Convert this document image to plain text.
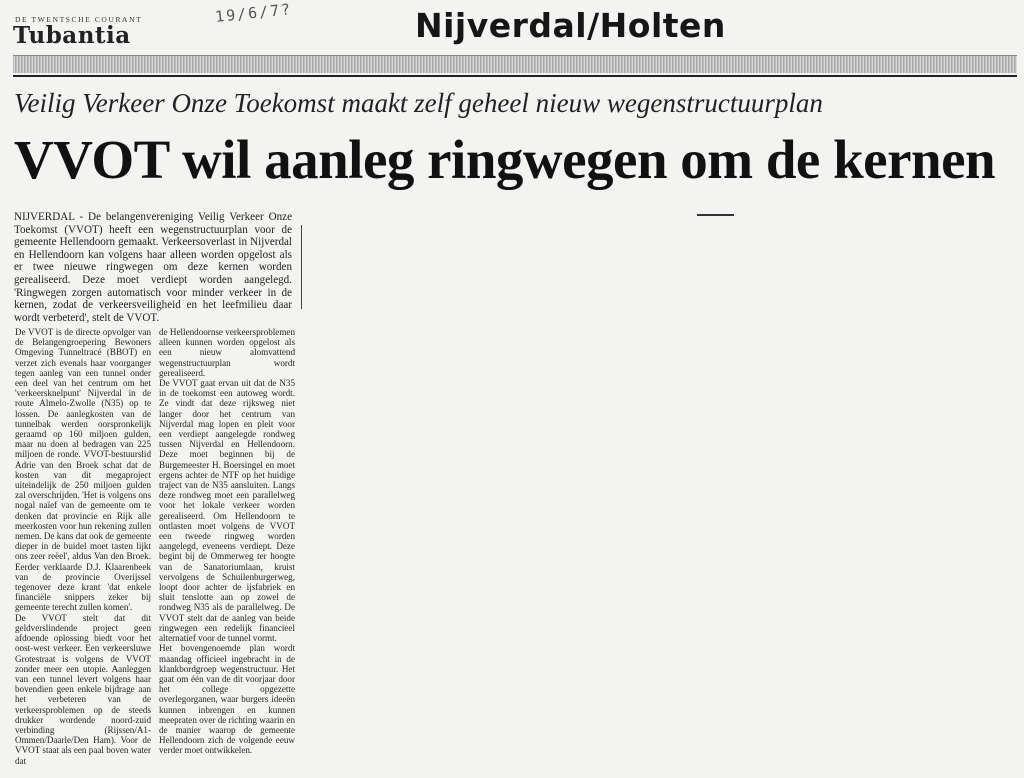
DE TWENTSCHE COURANT
Tubantia
19/6/7?	Nijverdal/Holten
Veilig Verkeer Onze Toekomst maakt zelf geheel nieuw wegenstructuurplan
VVOT wil aanleg ringwegen om de kernen
NIJVERDAL - De belangenvereniging Veilig Verkeer Onze Toekomst (VVOT) heeft een wegenstructuurplan voor de gemeente Hellendoorn gemaakt. Verkeersoverlast in Nijverdal en Hellendoorn kan volgens haar alleen worden opgelost als er twee nieuwe ringwegen om deze kernen worden gerealiseerd. Deze moet verdiept worden aangelegd. 'Ringwegen zorgen automatisch voor minder verkeer in de kernen, zodat de verkeersveiligheid en het leefmilieu daar wordt verbeterd', stelt de VVOT.

De VVOT is de directe opvolger van de Belangengroepering Bewoners Omgeving Tunneltracé (BBOT) en verzet zich evenals haar voorganger tegen aanleg van een tunnel onder een deel van het centrum om het 'verkeersknelpunt' Nijverdal in de route Almelo-Zwolle (N35) op te lossen. De aanlegkosten van de tunnelbak werden oorspronkelijk geraamd op 160 miljoen gulden, maar nu doen al bedragen van 225 miljoen de ronde. VVOT-bestuurslid Adrie van den Broek schat dat de kosten van dit megaproject uiteindelijk de 250 miljoen gulden zal overschrijden. 'Het is volgens ons nogal naïef van de gemeente om te denken dat provincie en Rijk alle meerkosten voor hun rekening zullen nemen. De kans dat ook de gemeente dieper in de buidel moet tasten lijkt ons zeer reëel', aldus Van den Broek. Eerder verklaarde D.J. Klaarenbeek van de provincie Overijssel tegenover deze krant 'dat enkele financiële snippers zeker bij gemeente terecht zullen komen'.

De VVOT stelt dat dit geldverslindende project geen afdoende oplossing biedt voor het oost-west verkeer. Een verkeersluwe Grotestraat is volgens de VVOT zonder meer een utopie. Aanleggen van een tunnel levert volgens haar bovendien geen enkele bijdrage aan het verbeteren van de verkeersproblemen op de steeds drukker wordende noord-zuid verbinding (Rijssen/A1-Ommen/Daarle/Den Ham). Voor de VVOT staat als een paal boven water dat

de Hellendoornse verkeersproblemen alleen kunnen worden opgelost als een nieuw alomvattend wegenstructuurplan wordt gerealiseerd.

De VVOT gaat ervan uit dat de N35 in de toekomst een autoweg wordt. Ze vindt dat deze rijksweg niet langer door het centrum van Nijverdal mag lopen en pleit voor een verdiept aangelegde rondweg tussen Nijverdal en Hellendoorn. Deze moet beginnen bij de Burgemeester H. Boersingel en moet ergens achter de NTF op het huidige traject van de N35 aansluiten. Langs deze rondweg moet een parallelweg voor het lokale verkeer worden gerealiseerd. Om Hellendoorn te ontlasten moet volgens de VVOT een tweede ringweg worden aangelegd, eveneens verdiept. Deze begint bij de Ommerweg ter hoogte van de Sanatoriumlaan, kruist vervolgens de Schuilenburgerweg, loopt door achter de ijsfabriek en sluit tenslotte aan op zowel de rondweg N35 als de parallelweg. De VVOT stelt dat de aanleg van beide ringwegen een redelijk financieel alternatief voor de tunnel vormt.

Het bovengenoemde plan wordt maandag officieel ingebracht in de klankbordgroep wegenstructuur. Het gaat om één van de dit voorjaar door het college opgezette overlegorganen, waar burgers ideeën kunnen inbrengen en kunnen meepraten over de richting waarin en de manier waarop de gemeente Hellendoorn zich de volgende eeuw verder moet ontwikkelen.
